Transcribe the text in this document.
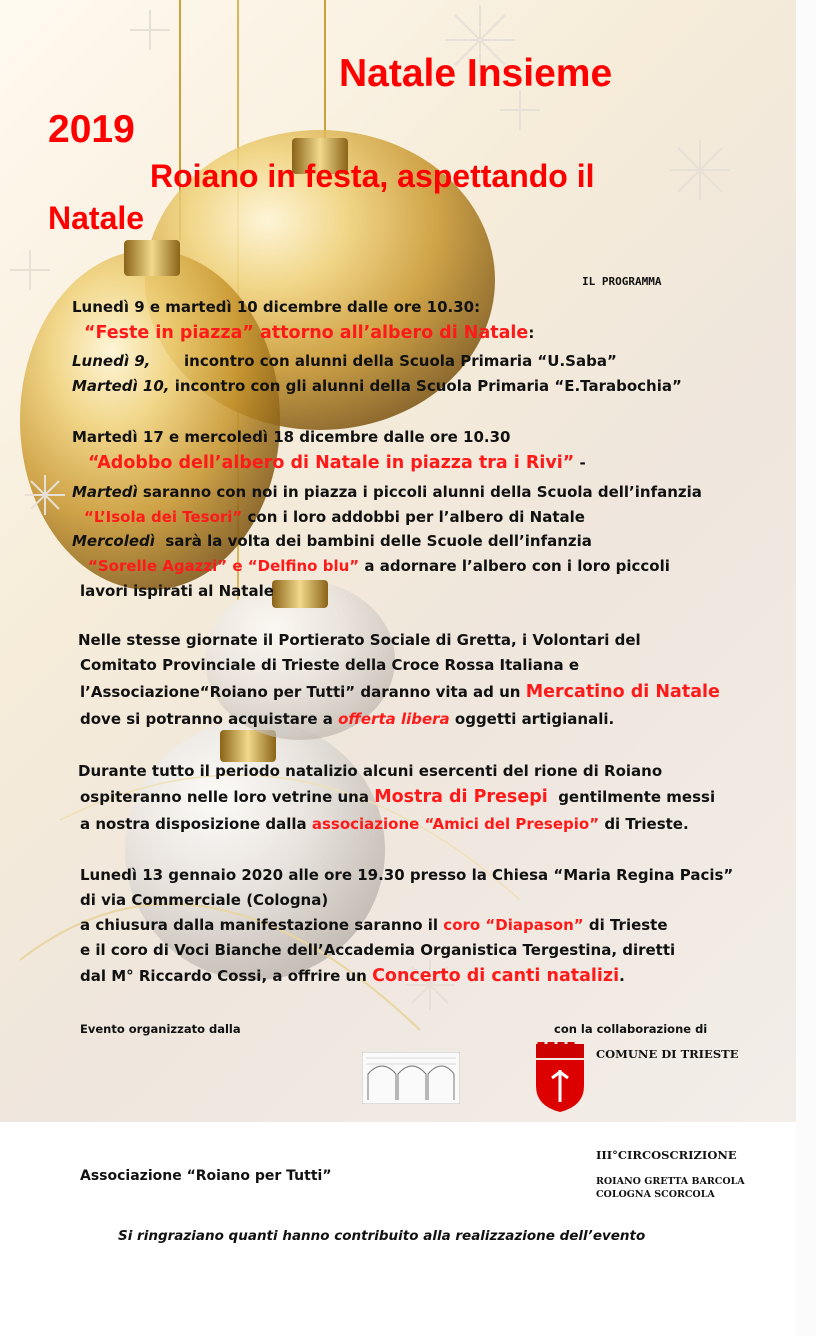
Natale Insieme
2019
Roiano in festa, aspettando il
Natale
IL PROGRAMMA
Lunedì 9 e martedì 10 dicembre dalle ore 10.30:
“Feste in piazza” attorno all’albero di Natale:
Lunedì 9, incontro con alunni della Scuola Primaria “U.Saba”
Martedì 10, incontro con gli alunni della Scuola Primaria “E.Tarabochia”
Martedì 17 e mercoledì 18 dicembre dalle ore 10.30
“Adobbo dell’albero di Natale in piazza tra i Rivi” -
Martedì saranno con noi in piazza i piccoli alunni della Scuola dell’infanzia
“L’Isola dei Tesori” con i loro addobbi per l’albero di Natale
Mercoledì sarà la volta dei bambini delle Scuole dell’infanzia
“Sorelle Agazzi” e “Delfino blu” a adornare l’albero con i loro piccoli
lavori ispirati al Natale
Nelle stesse giornate il Portierato Sociale di Gretta, i Volontari del
Comitato Provinciale di Trieste della Croce Rossa Italiana e
l’Associazione“Roiano per Tutti” daranno vita ad un Mercatino di Natale
dove si potranno acquistare a offerta libera oggetti artigianali.
Durante tutto il periodo natalizio alcuni esercenti del rione di Roiano
ospiteranno nelle loro vetrine una Mostra di Presepi gentilmente messi
a nostra disposizione dalla associazione “Amici del Presepio” di Trieste.
Lunedì 13 gennaio 2020 alle ore 19.30 presso la Chiesa “Maria Regina Pacis”
di via Commerciale (Cologna)
a chiusura dalla manifestazione saranno il coro “Diapason” di Trieste
e il coro di Voci Bianche dell’Accademia Organistica Tergestina, diretti
dal M° Riccardo Cossi, a offrire un Concerto di canti natalizi.
Evento organizzato dalla	con la collaborazione di
COMUNE DI TRIESTE
III°CIRCOSCRIZIONE
ROIANO GRETTA BARCOLA
COLOGNA SCORCOLA
Associazione “Roiano per Tutti”
Si ringraziano quanti hanno contribuito alla realizzazione dell’evento
